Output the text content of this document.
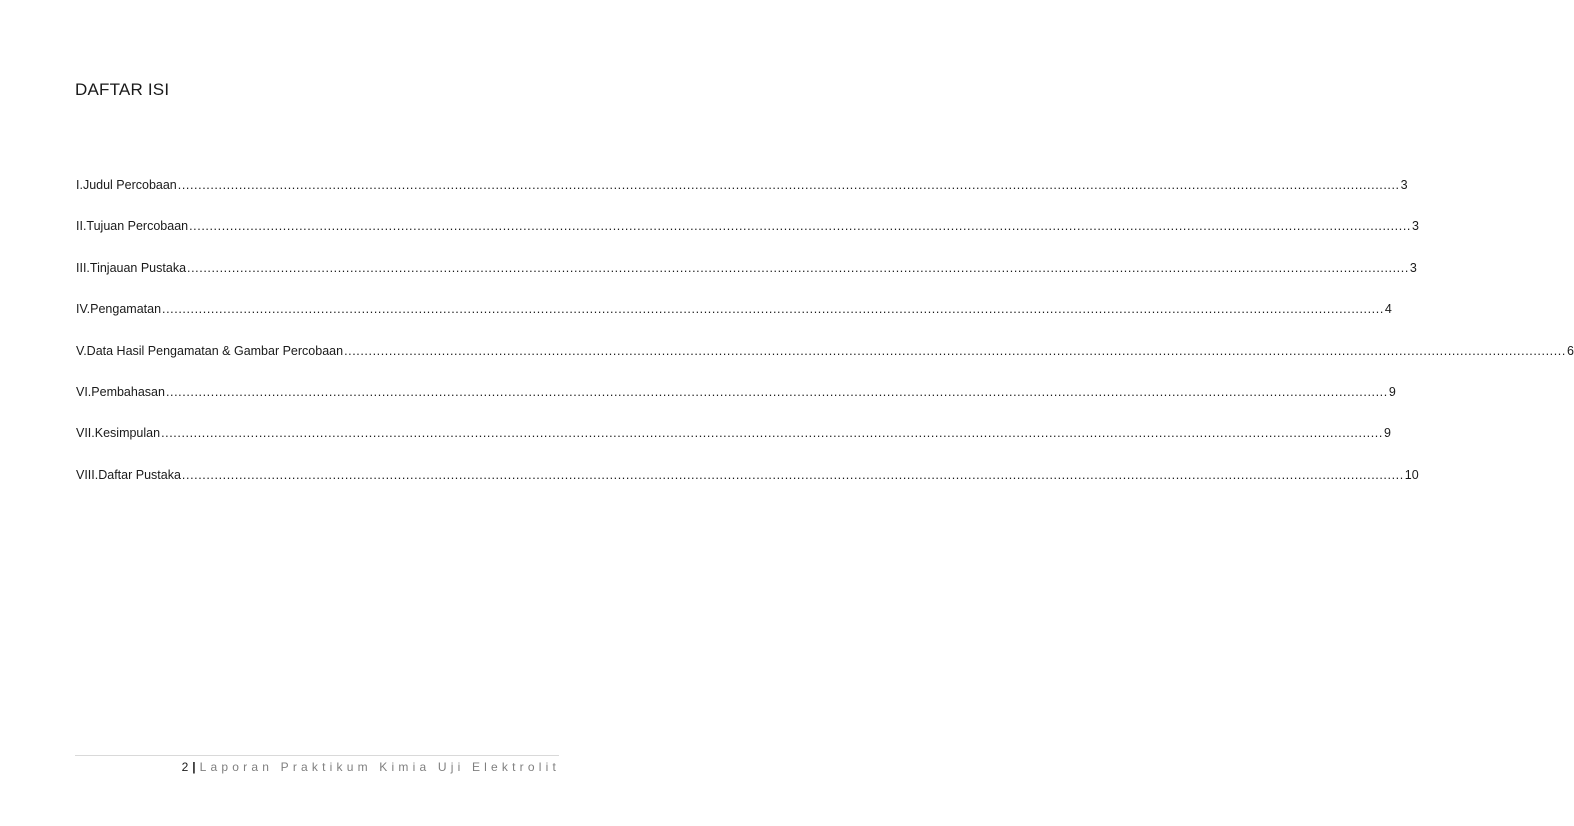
DAFTAR ISI
I.Judul Percobaan ............................................................................................................................................................................................................................................................................................................ 3
II.Tujuan Percobaan ............................................................................................................................................................................................................................................................................................................ 3
III.Tinjauan Pustaka ............................................................................................................................................................................................................................................................................................................ 3
IV.Pengamatan ............................................................................................................................................................................................................................................................................................................ 4
V.Data Hasil Pengamatan & Gambar Percobaan ............................................................................................................................................................................................................................................................................................................ 6
VI.Pembahasan ............................................................................................................................................................................................................................................................................................................ 9
VII.Kesimpulan ............................................................................................................................................................................................................................................................................................................ 9
VIII.Daftar Pustaka ............................................................................................................................................................................................................................................................................................................ 10
2 | Laporan Praktikum Kimia Uji Elektrolit
